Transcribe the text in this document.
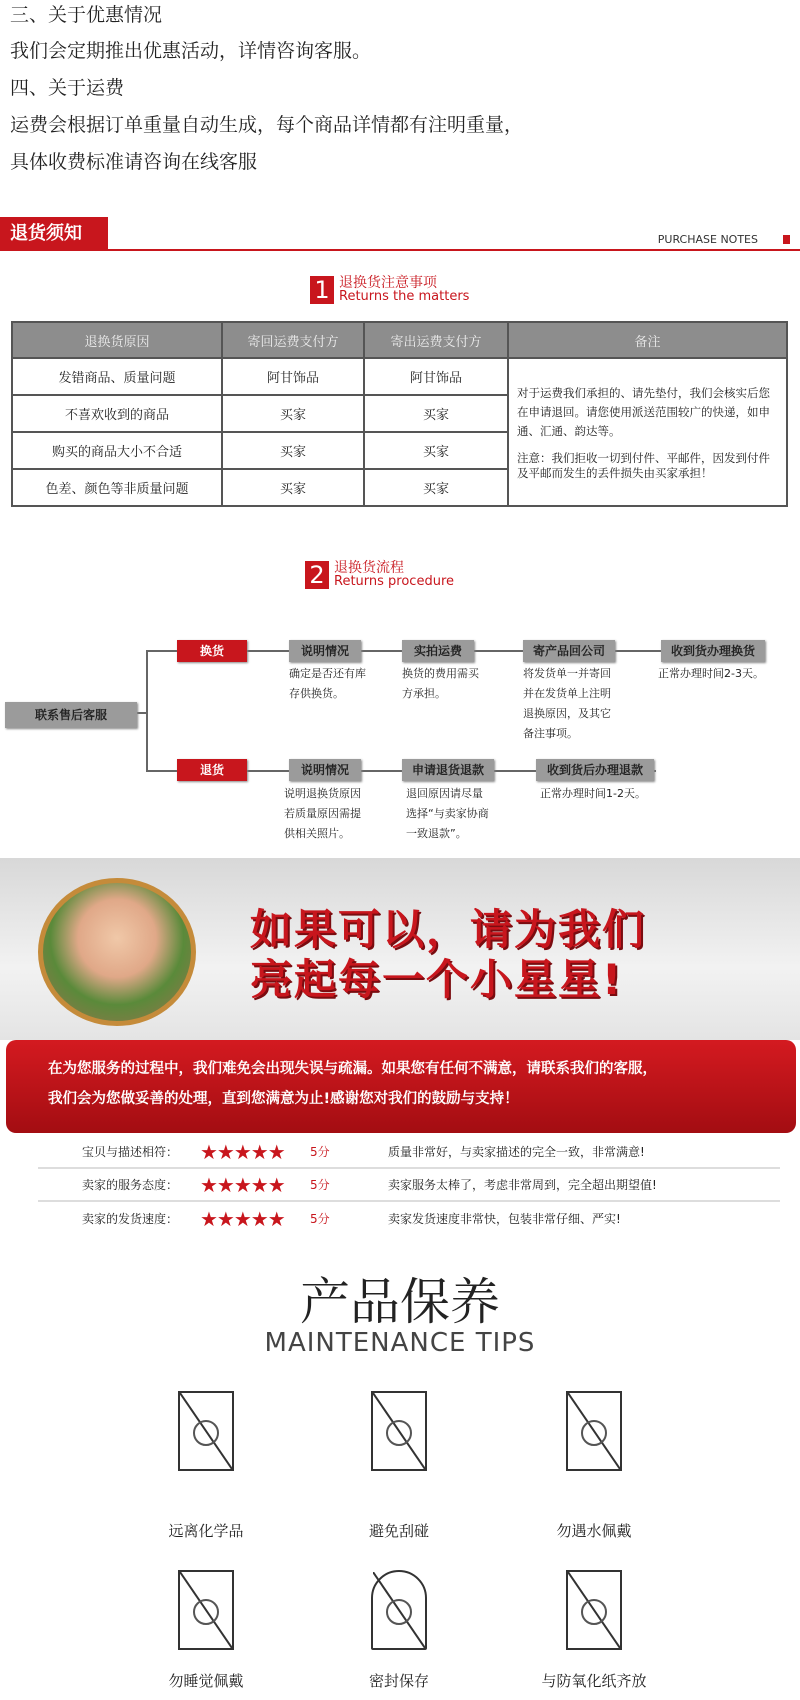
三、关于优惠情况
我们会定期推出优惠活动，详情咨询客服。
四、关于运费
运费会根据订单重量自动生成，每个商品详情都有注明重量，
具体收费标准请咨询在线客服
退货须知	PURCHASE NOTES
1 退换货注意事项
Returns the matters
退换货原因	寄回运费支付方	寄出运费支付方	备注
发错商品、质量问题	阿甘饰品	阿甘饰品	对于运费我们承担的、请先垫付，我们会核实后您在申请退回。请您使用派送范围较广的快递，如申通、汇通、韵达等。
注意：我们拒收一切到付件、平邮件，因发到付件及平邮而发生的丢件损失由买家承担！

不喜欢收到的商品	买家	买家	
购买的商品大小不合适	买家	买家	
色差、颜色等非质量问题	买家	买家	
2 退换货流程
Returns procedure
联系售后客服
换货	说明情况	实拍运费	寄产品回公司	收到货办理换货
确定是否还有库存供换货。
换货的费用需买方承担。
将发货单一并寄回并在发货单上注明退换原因，及其它备注事项。
正常办理时间2-3天。
退货	说明情况	申请退货退款	收到货后办理退款
说明退换货原因若质量原因需提供相关照片。
退回原因请尽量选择“与卖家协商一致退款”。
正常办理时间1-2天。
如果可以，请为我们
亮起每一个小星星!
在为您服务的过程中，我们难免会出现失误与疏漏。如果您有任何不满意，请联系我们的客服，
我们会为您做妥善的处理，直到您满意为止!感谢您对我们的鼓励与支持！
宝贝与描述相符：	★★★★★	5分	质量非常好，与卖家描述的完全一致，非常满意!
卖家的服务态度：	★★★★★	5分	卖家服务太棒了，考虑非常周到，完全超出期望值!
卖家的发货速度：	★★★★★	5分	卖家发货速度非常快，包装非常仔细、严实!
产品保养
MAINTENANCE TIPS
远离化学品	避免刮碰	勿遇水佩戴
勿睡觉佩戴	密封保存	与防氧化纸齐放
